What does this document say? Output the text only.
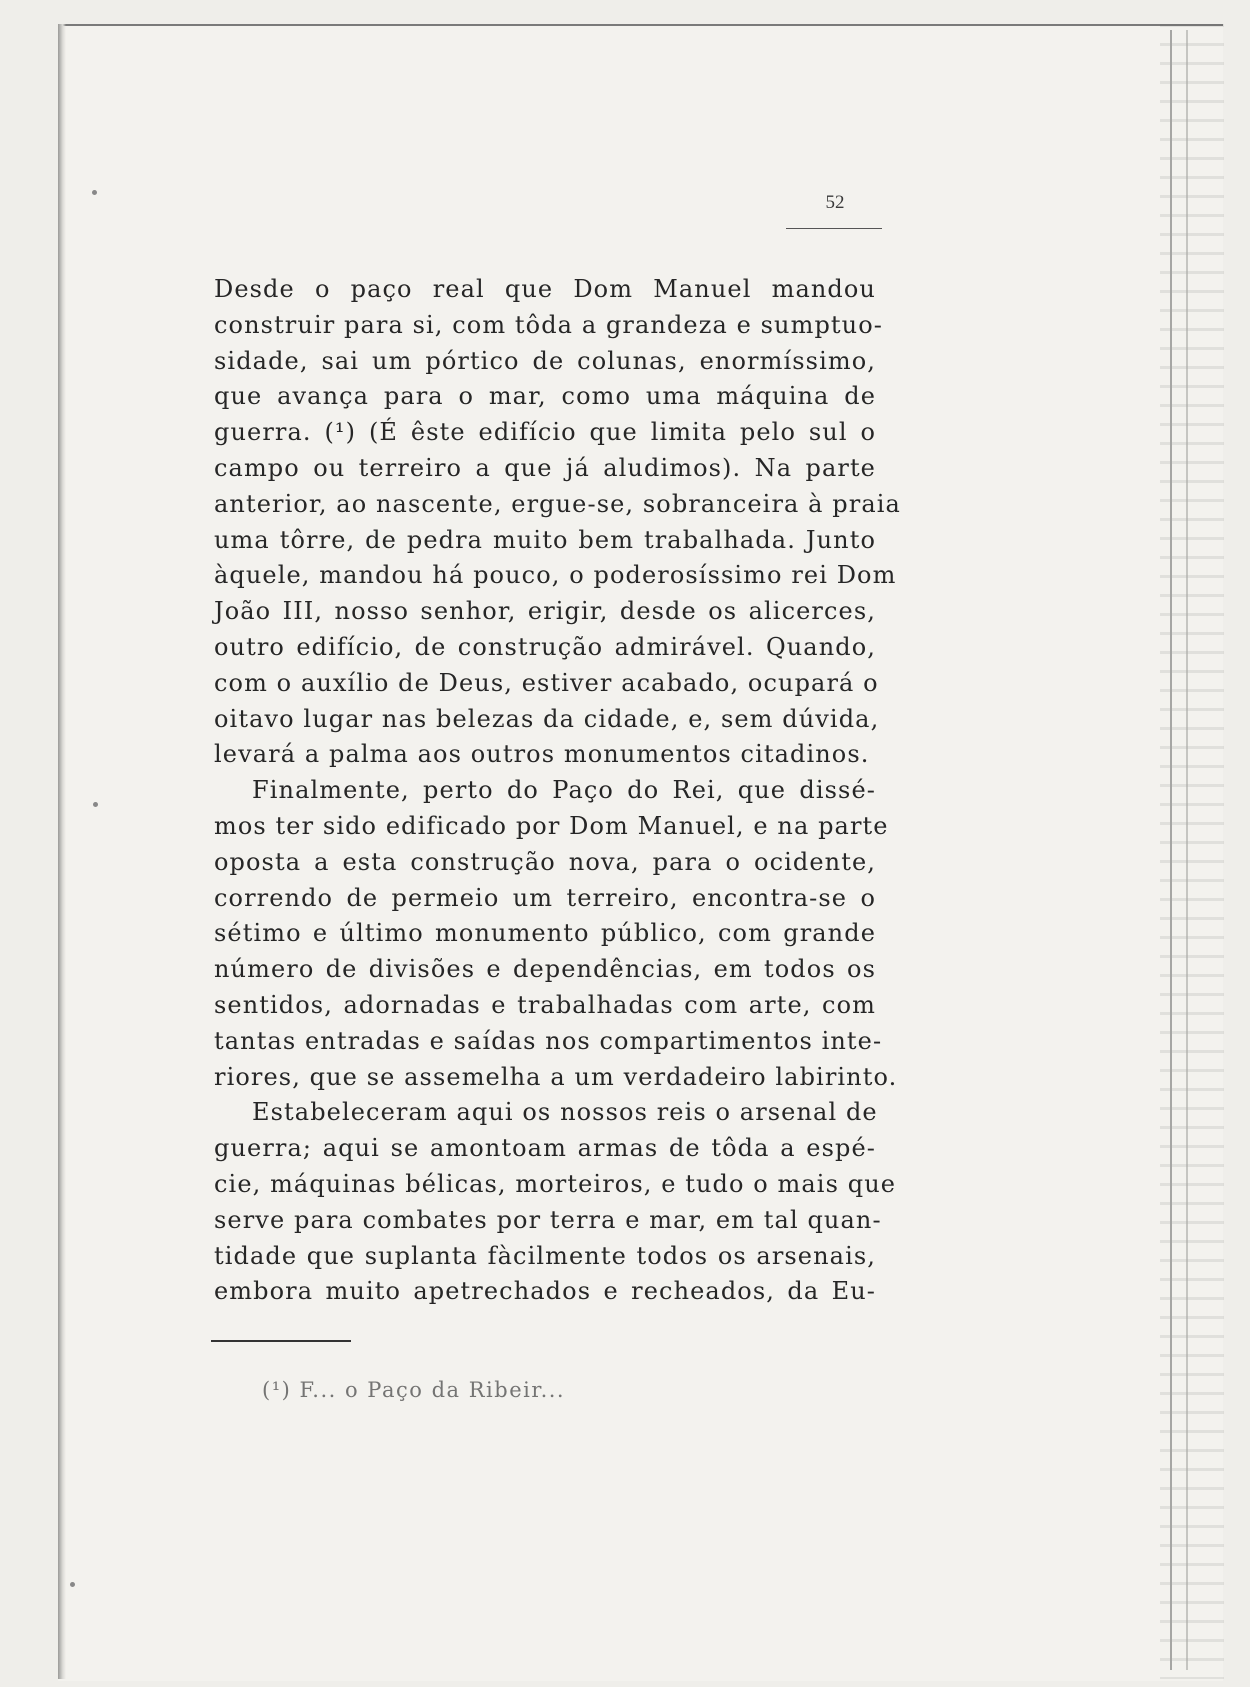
52
Desde o paço real que Dom Manuel mandou
construir para si, com tôda a grandeza e sumptuo-
sidade, sai um pórtico de colunas, enormíssimo,
que avança para o mar, como uma máquina de
guerra. (¹) (É êste edifício que limita pelo sul o
campo ou terreiro a que já aludimos). Na parte
anterior, ao nascente, ergue-se, sobranceira à praia
uma tôrre, de pedra muito bem trabalhada. Junto
àquele, mandou há pouco, o poderosíssimo rei Dom
João III, nosso senhor, erigir, desde os alicerces,
outro edifício, de construção admirável. Quando,
com o auxílio de Deus, estiver acabado, ocupará o
oitavo lugar nas belezas da cidade, e, sem dúvida,
levará a palma aos outros monumentos citadinos.
Finalmente, perto do Paço do Rei, que dissé-
mos ter sido edificado por Dom Manuel, e na parte
oposta a esta construção nova, para o ocidente,
correndo de permeio um terreiro, encontra-se o
sétimo e último monumento público, com grande
número de divisões e dependências, em todos os
sentidos, adornadas e trabalhadas com arte, com
tantas entradas e saídas nos compartimentos inte-
riores, que se assemelha a um verdadeiro labirinto.
Estabeleceram aqui os nossos reis o arsenal de
guerra; aqui se amontoam armas de tôda a espé-
cie, máquinas bélicas, morteiros, e tudo o mais que
serve para combates por terra e mar, em tal quan-
tidade que suplanta fàcilmente todos os arsenais,
embora muito apetrechados e recheados, da Eu-
(¹) F... o Paço da Ribeir...
